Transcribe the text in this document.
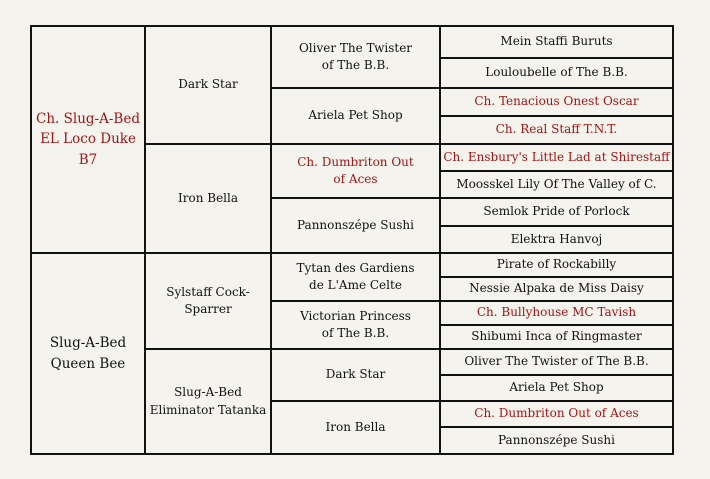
Ch. Slug-A-Bed
EL Loco Duke B7
Slug-A-Bed
Queen Bee
Dark Star
Iron Bella
Sylstaff Cock-Sparrer
Slug-A-Bed
Eliminator Tatanka
Oliver The Twister
of The B.B.
Ariela Pet Shop
Ch. Dumbriton Out
of Aces
Pannonszépe Sushi
Tytan des Gardiens
de L'Ame Celte
Victorian Princess
of The B.B.
Dark Star
Iron Bella
Mein Staffi Buruts
Louloubelle of The B.B.
Ch. Tenacious Onest Oscar
Ch. Real Staff T.N.T.
Ch. Ensbury's Little Lad at Shirestaff
Moosskel Lily Of The Valley of C.
Semlok Pride of Porlock
Elektra Hanvoj
Pirate of Rockabilly
Nessie Alpaka de Miss Daisy
Ch. Bullyhouse MC Tavish
Shibumi Inca of Ringmaster
Oliver The Twister of The B.B.
Ariela Pet Shop
Ch. Dumbriton Out of Aces
Pannonszépe Sushi
